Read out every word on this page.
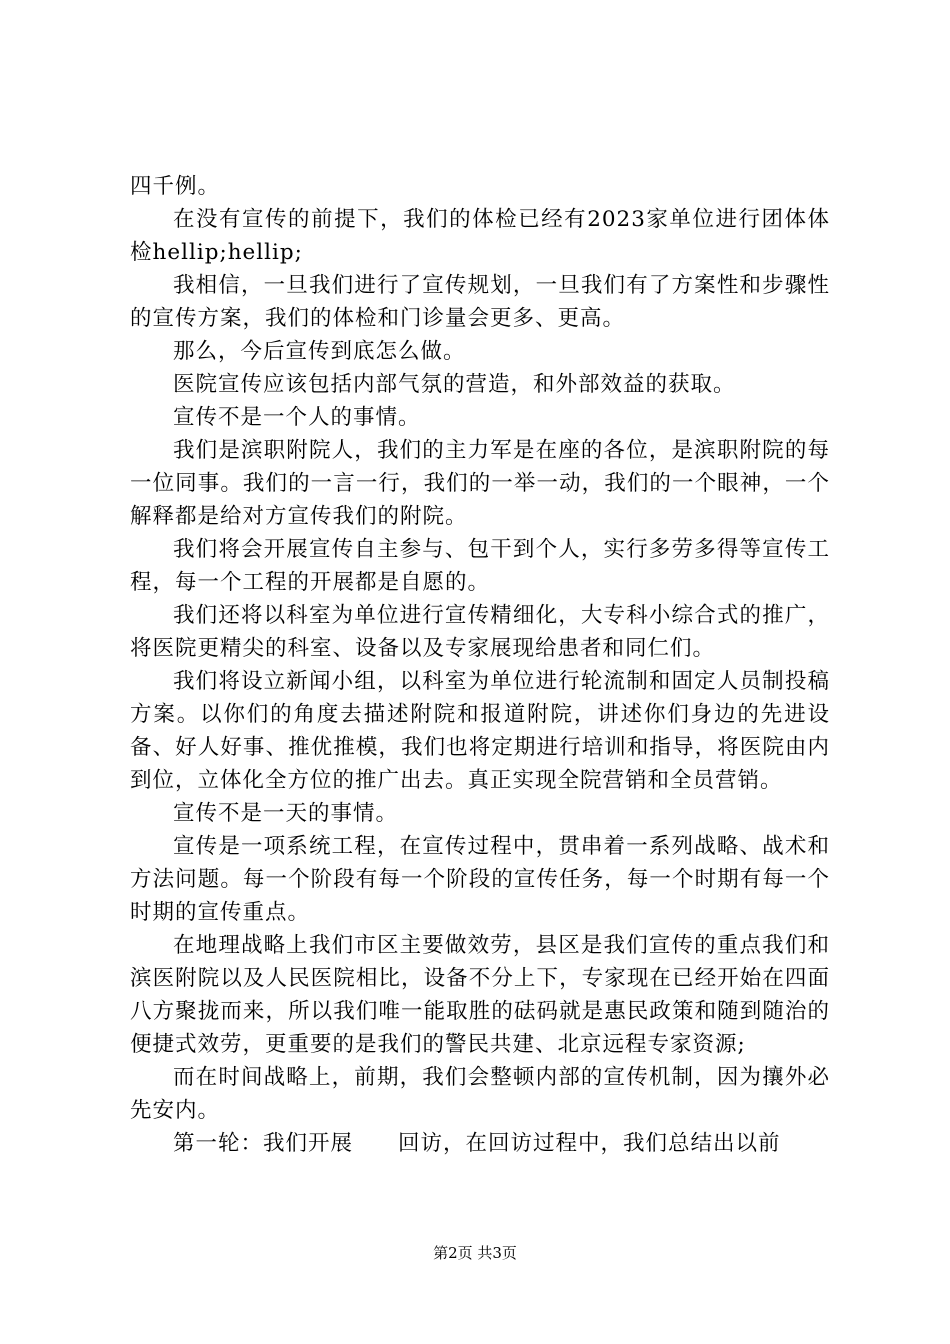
四千例。

在没有宣传的前提下，我们的体检已经有2023家单位进行团体体检hellip;hellip;

我相信，一旦我们进行了宣传规划，一旦我们有了方案性和步骤性的宣传方案，我们的体检和门诊量会更多、更高。

那么，今后宣传到底怎么做。

医院宣传应该包括内部气氛的营造，和外部效益的获取。

宣传不是一个人的事情。

我们是滨职附院人，我们的主力军是在座的各位，是滨职附院的每一位同事。我们的一言一行，我们的一举一动，我们的一个眼神，一个解释都是给对方宣传我们的附院。

我们将会开展宣传自主参与、包干到个人，实行多劳多得等宣传工程，每一个工程的开展都是自愿的。

我们还将以科室为单位进行宣传精细化，大专科小综合式的推广，将医院更精尖的科室、设备以及专家展现给患者和同仁们。

我们将设立新闻小组，以科室为单位进行轮流制和固定人员制投稿方案。以你们的角度去描述附院和报道附院，讲述你们身边的先进设备、好人好事、推优推模，我们也将定期进行培训和指导，将医院由内到位，立体化全方位的推广出去。真正实现全院营销和全员营销。

宣传不是一天的事情。

宣传是一项系统工程，在宣传过程中，贯串着一系列战略、战术和方法问题。每一个阶段有每一个阶段的宣传任务，每一个时期有每一个时期的宣传重点。

在地理战略上我们市区主要做效劳，县区是我们宣传的重点我们和滨医附院以及人民医院相比，设备不分上下，专家现在已经开始在四面八方聚拢而来，所以我们唯一能取胜的砝码就是惠民政策和随到随治的便捷式效劳，更重要的是我们的警民共建、北京远程专家资源;

而在时间战略上，前期，我们会整顿内部的宣传机制，因为攘外必先安内。

第一轮：我们开展　　回访，在回访过程中，我们总结出以前

第2页 共3页
